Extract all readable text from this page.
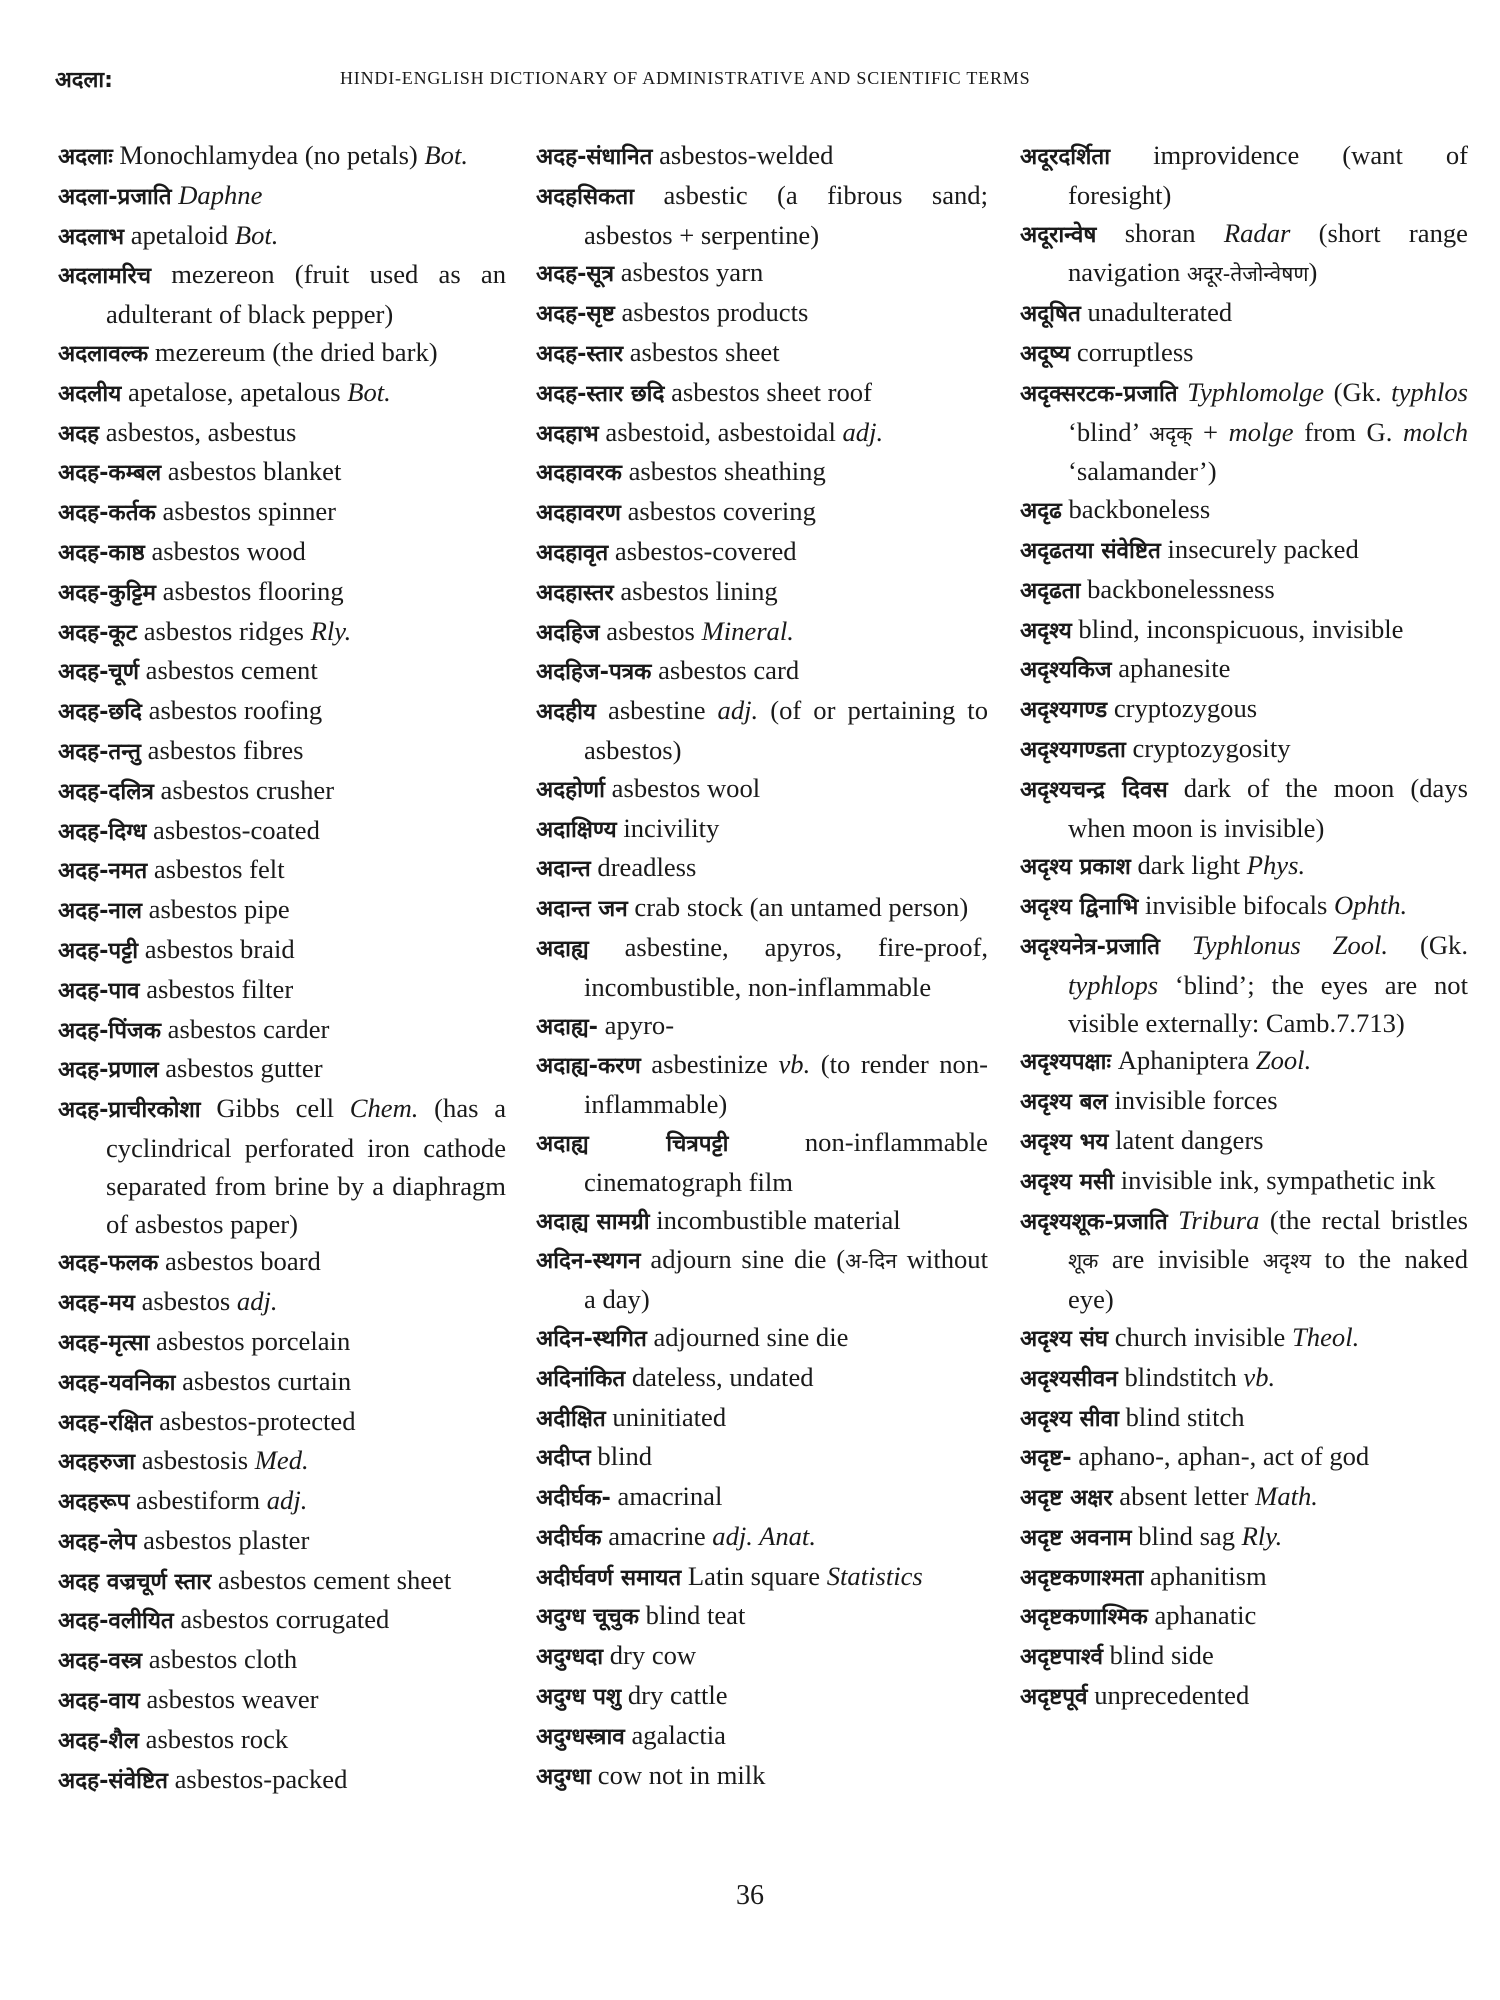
अदला:	HINDI-ENGLISH DICTIONARY OF ADMINISTRATIVE AND SCIENTIFIC TERMS

अदलाः Monochlamydea (no petals) Bot.

अदला-प्रजाति Daphne

अदलाभ apetaloid Bot.

अदलामरिच mezereon (fruit used as an adulterant of black pepper)

अदलावल्क mezereum (the dried bark)

अदलीय apetalose, apetalous Bot.

अदह asbestos, asbestus

अदह-कम्बल asbestos blanket

अदह-कर्तक asbestos spinner

अदह-काष्ठ asbestos wood

अदह-कुट्टिम asbestos flooring

अदह-कूट asbestos ridges Rly.

अदह-चूर्ण asbestos cement

अदह-छदि asbestos roofing

अदह-तन्तु asbestos fibres

अदह-दलित्र asbestos crusher

अदह-दिग्ध asbestos-coated

अदह-नमत asbestos felt

अदह-नाल asbestos pipe

अदह-पट्टी asbestos braid

अदह-पाव asbestos filter

अदह-पिंजक asbestos carder

अदह-प्रणाल asbestos gutter

अदह-प्राचीरकोशा Gibbs cell Chem. (has a cyclindrical perforated iron cathode separated from brine by a diaphragm of asbestos paper)

अदह-फलक asbestos board

अदह-मय asbestos adj.

अदह-मृत्सा asbestos porcelain

अदह-यवनिका asbestos curtain

अदह-रक्षित asbestos-protected

अदहरुजा asbestosis Med.

अदहरूप asbestiform adj.

अदह-लेप asbestos plaster

अदह वज्रचूर्ण स्तार asbestos cement sheet

अदह-वलीयित asbestos corrugated

अदह-वस्त्र asbestos cloth

अदह-वाय asbestos weaver

अदह-शैल asbestos rock

अदह-संवेष्टित asbestos-packed

अदह-संधानित asbestos-welded

अदहसिकता asbestic (a fibrous sand; asbestos + serpentine)

अदह-सूत्र asbestos yarn

अदह-सृष्ट asbestos products

अदह-स्तार asbestos sheet

अदह-स्तार छदि asbestos sheet roof

अदहाभ asbestoid, asbestoidal adj.

अदहावरक asbestos sheathing

अदहावरण asbestos covering

अदहावृत asbestos-covered

अदहास्तर asbestos lining

अदहिज asbestos Mineral.

अदहिज-पत्रक asbestos card

अदहीय asbestine adj. (of or pertaining to asbestos)

अदहोर्णा asbestos wool

अदाक्षिण्य incivility

अदान्त dreadless

अदान्त जन crab stock (an untamed person)

अदाह्य asbestine, apyros, fire-proof, incombustible, non-inflammable

अदाह्य- apyro-

अदाह्य-करण asbestinize vb. (to render non-inflammable)

अदाह्य चित्रपट्टी	non-inflammable cinematograph film

अदाह्य सामग्री incombustible material

अदिन-स्थगन adjourn sine die (अ-दिन without a day)

अदिन-स्थगित adjourned sine die

अदिनांकित dateless, undated

अदीक्षित uninitiated

अदीप्त blind

अदीर्घक- amacrinal

अदीर्घक amacrine adj. Anat.

अदीर्घवर्ण समायत Latin square Statistics

अदुग्ध चूचुक blind teat

अदुग्धदा dry cow

अदुग्ध पशु dry cattle

अदुग्धस्त्राव agalactia

अदुग्धा cow not in milk

अदूरदर्शिता improvidence (want of foresight)

अदूरान्वेष shoran Radar (short range navigation अदूर-तेजोन्वेषण)

अदूषित unadulterated

अदूष्य corruptless

अदृक्सरटक-प्रजाति Typhlomolge (Gk. typhlos ‘blind’ अदृक् + molge from G. molch ‘salamander’)

अदृढ backboneless

अदृढतया संवेष्टित insecurely packed

अदृढता backbonelessness

अदृश्य blind, inconspicuous, invisible

अदृश्यकिज aphanesite

अदृश्यगण्ड cryptozygous

अदृश्यगण्डता cryptozygosity

अदृश्यचन्द्र दिवस dark of the moon (days when moon is invisible)

अदृश्य प्रकाश dark light Phys.

अदृश्य द्विनाभि invisible bifocals Ophth.

अदृश्यनेत्र-प्रजाति Typhlonus Zool. (Gk. typhlops ‘blind’; the eyes are not visible externally: Camb.7.713)

अदृश्यपक्षाः Aphaniptera Zool.

अदृश्य बल invisible forces

अदृश्य भय latent dangers

अदृश्य मसी invisible ink, sympathetic ink

अदृश्यशूक-प्रजाति Tribura (the rectal bristles शूक are invisible अदृश्य to the naked eye)

अदृश्य संघ church invisible Theol.

अदृश्यसीवन blindstitch vb.

अदृश्य सीवा blind stitch

अदृष्ट- aphano-, aphan-, act of god

अदृष्ट अक्षर absent letter Math.

अदृष्ट अवनाम blind sag Rly.

अदृष्टकणाश्मता aphanitism

अदृष्टकणाश्मिक aphanatic

अदृष्टपार्श्व blind side

अदृष्टपूर्व unprecedented

36
